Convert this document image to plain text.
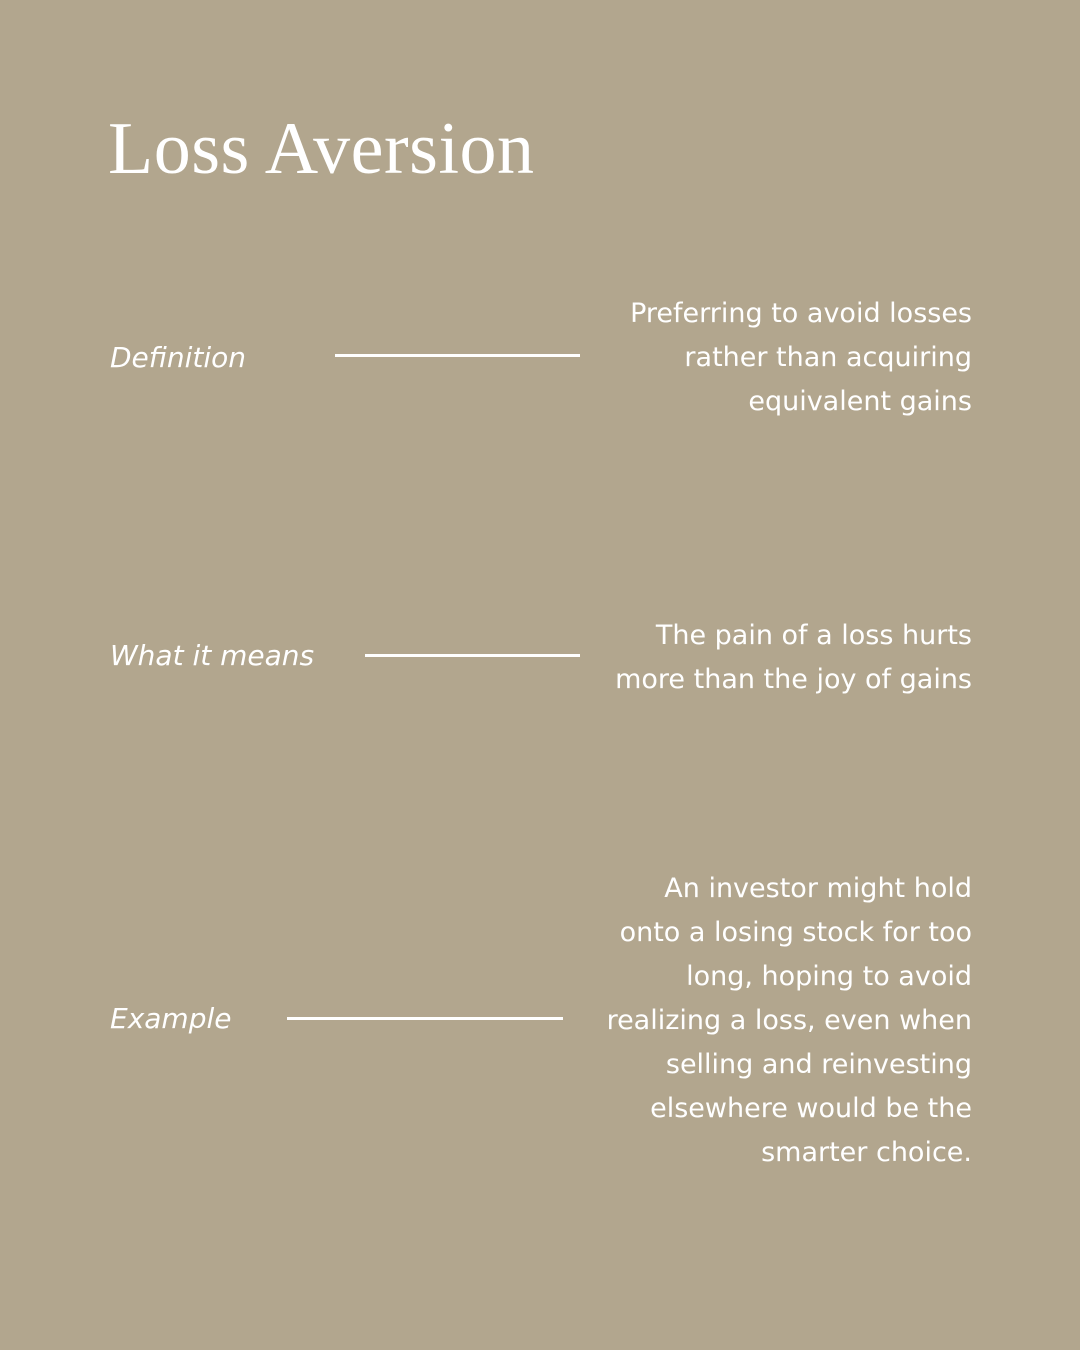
Loss Aversion
Definition
Preferring to avoid losses
rather than acquiring
equivalent gains
What it means
The pain of a loss hurts
more than the joy of gains
Example
An investor might hold
onto a losing stock for too
long, hoping to avoid
realizing a loss, even when
selling and reinvesting
elsewhere would be the
smarter choice.
